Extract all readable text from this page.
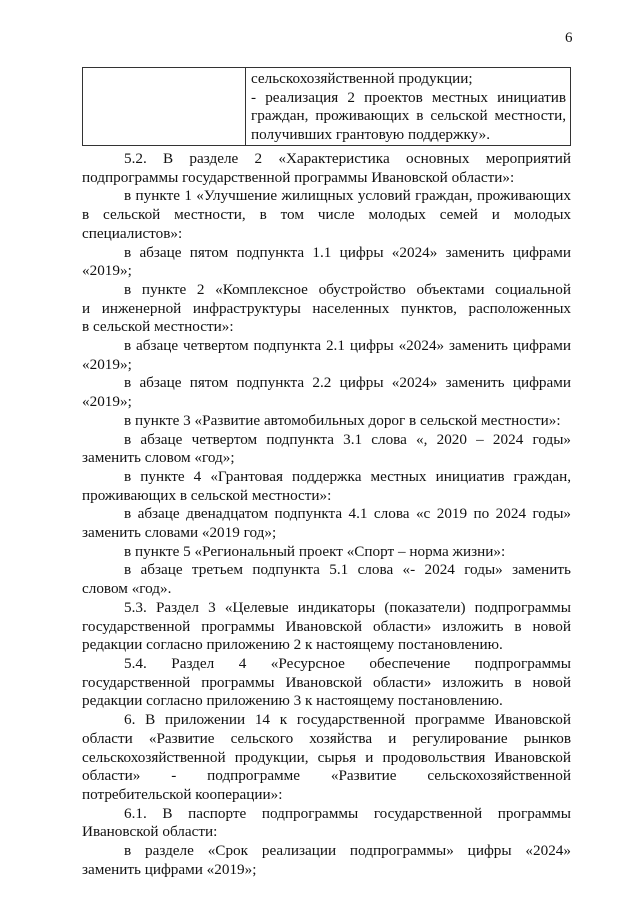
6

сельскохозяйственной продукции;
- реализация 2 проектов местных инициатив
граждан, проживающих в сельской местности,
получивших грантовую поддержку».
5.2. В разделе 2 «Характеристика основных мероприятий
подпрограммы государственной программы Ивановской области»:
в пункте 1 «Улучшение жилищных условий граждан, проживающих
в сельской местности, в том числе молодых семей и молодых
специалистов»:
в абзаце пятом подпункта 1.1 цифры «2024» заменить цифрами
«2019»;
в пункте 2 «Комплексное обустройство объектами социальной
и инженерной инфраструктуры населенных пунктов, расположенных
в сельской местности»:
в абзаце четвертом подпункта 2.1 цифры «2024» заменить цифрами
«2019»;
в абзаце пятом подпункта 2.2 цифры «2024» заменить цифрами
«2019»;
в пункте 3 «Развитие автомобильных дорог в сельской местности»:
в абзаце четвертом подпункта 3.1 слова «, 2020 – 2024 годы»
заменить словом «год»;
в пункте 4 «Грантовая поддержка местных инициатив граждан,
проживающих в сельской местности»:
в абзаце двенадцатом подпункта 4.1 слова «с 2019 по 2024 годы»
заменить словами «2019 год»;
в пункте 5 «Региональный проект «Спорт – норма жизни»:
в абзаце третьем подпункта 5.1 слова «- 2024 годы» заменить
словом «год».
5.3. Раздел 3 «Целевые индикаторы (показатели) подпрограммы
государственной программы Ивановской области» изложить в новой
редакции согласно приложению 2 к настоящему постановлению.
5.4. Раздел 4 «Ресурсное обеспечение подпрограммы
государственной программы Ивановской области» изложить в новой
редакции согласно приложению 3 к настоящему постановлению.
6. В приложении 14 к государственной программе Ивановской
области «Развитие сельского хозяйства и регулирование рынков
сельскохозяйственной продукции, сырья и продовольствия Ивановской
области» - подпрограмме «Развитие сельскохозяйственной
потребительской кооперации»:
6.1. В паспорте подпрограммы государственной программы
Ивановской области:
в разделе «Срок реализации подпрограммы» цифры «2024»
заменить цифрами «2019»;
